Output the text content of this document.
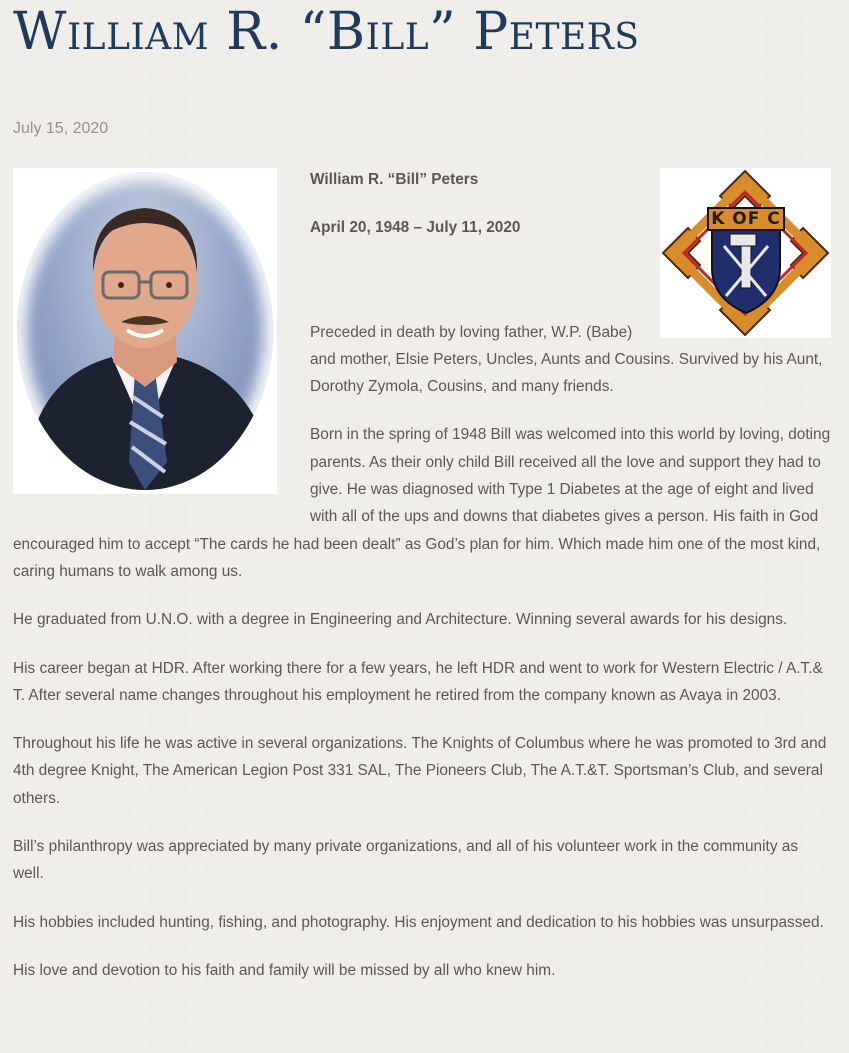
William R. “Bill” Peters
July 15, 2020

William R. “Bill” Peters

April 20, 1948 – July 11, 2020

Preceded in death by loving father, W.P. (Babe) and mother, Elsie Peters, Uncles, Aunts and Cousins. Survived by his Aunt, Dorothy Zymola, Cousins, and many friends.

Born in the spring of 1948 Bill was welcomed into this world by loving, doting parents. As their only child Bill received all the love and support they had to give. He was diagnosed with Type 1 Diabetes at the age of eight and lived with all of the ups and downs that diabetes gives a person. His faith in God encouraged him to accept “The cards he had been dealt” as God’s plan for him. Which made him one of the most kind, caring humans to walk among us.

He graduated from U.N.O. with a degree in Engineering and Architecture. Winning several awards for his designs.

His career began at HDR. After working there for a few years, he left HDR and went to work for Western Electric / A.T.& T. After several name changes throughout his employment he retired from the company known as Avaya in 2003.

Throughout his life he was active in several organizations. The Knights of Columbus where he was promoted to 3rd and 4th degree Knight, The American Legion Post 331 SAL, The Pioneers Club, The A.T.&T. Sportsman’s Club, and several others.

Bill’s philanthropy was appreciated by many private organizations, and all of his volunteer work in the community as well.

His hobbies included hunting, fishing, and photography. His enjoyment and dedication to his hobbies was unsurpassed.

His love and devotion to his faith and family will be missed by all who knew him.

K OF C
